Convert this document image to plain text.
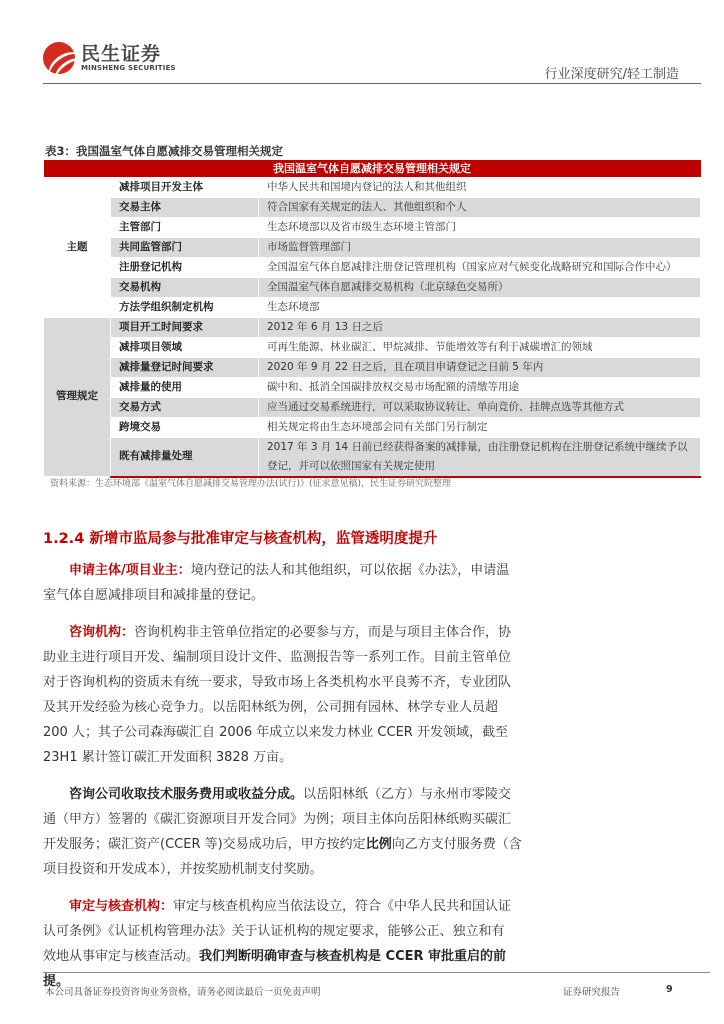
民生证券
MINSHENG SECURITIES	行业深度研究/轻工制造
表3：我国温室气体自愿减排交易管理相关规定
我国温室气体自愿减排交易管理相关规定		
主题	减排项目开发主体	中华人民共和国境内登记的法人和其他组织
	交易主体	符合国家有关规定的法人、其他组织和个人
	主管部门	生态环境部以及省市级生态环境主管部门
	共同监管部门	市场监督管理部门
	注册登记机构	全国温室气体自愿减排注册登记管理机构（国家应对气候变化战略研究和国际合作中心）
	交易机构	全国温室气体自愿减排交易机构（北京绿色交易所）
	方法学组织制定机构	生态环境部
管理规定	项目开工时间要求	2012 年 6 月 13 日之后
	减排项目领域	可再生能源、林业碳汇、甲烷减排、节能增效等有利于减碳增汇的领域
	减排量登记时间要求	2020 年 9 月 22 日之后，且在项目申请登记之日前 5 年内
	减排量的使用	碳中和、抵消全国碳排放权交易市场配额的清缴等用途
	交易方式	应当通过交易系统进行，可以采取协议转让、单向竞价、挂牌点选等其他方式
	跨境交易	相关规定将由生态环境部会同有关部门另行制定
	既有减排量处理	2017 年 3 月 14 日前已经获得备案的减排量，由注册登记机构在注册登记系统中继续予以登记，并可以依照国家有关规定使用
资料来源：生态环境部《温室气体自愿减排交易管理办法(试行)》(征求意见稿)，民生证券研究院整理
1.2.4 新增市监局参与批准审定与核查机构，监管透明度提升
申请主体/项目业主：境内登记的法人和其他组织，可以依据《办法》，申请温
室气体自愿减排项目和减排量的登记。
咨询机构：咨询机构非主管单位指定的必要参与方，而是与项目主体合作，协
助业主进行项目开发、编制项目设计文件、监测报告等一系列工作。目前主管单位
对于咨询机构的资质未有统一要求，导致市场上各类机构水平良莠不齐，专业团队
及其开发经验为核心竞争力。以岳阳林纸为例，公司拥有园林、林学专业人员超
200 人；其子公司森海碳汇自 2006 年成立以来发力林业 CCER 开发领域，截至
23H1 累计签订碳汇开发面积 3828 万亩。
咨询公司收取技术服务费用或收益分成。以岳阳林纸（乙方）与永州市零陵交
通（甲方）签署的《碳汇资源项目开发合同》为例；项目主体向岳阳林纸购买碳汇
开发服务；碳汇资产(CCER 等)交易成功后，甲方按约定比例向乙方支付服务费（含
项目投资和开发成本），并按奖励机制支付奖励。
审定与核查机构：审定与核查机构应当依法设立，符合《中华人民共和国认证
认可条例》《认证机构管理办法》关于认证机构的规定要求，能够公正、独立和有
效地从事审定与核查活动。我们判断明确审查与核查机构是 CCER 审批重启的前
提。
本公司具备证券投资咨询业务资格，请务必阅读最后一页免责声明	证券研究报告	9
